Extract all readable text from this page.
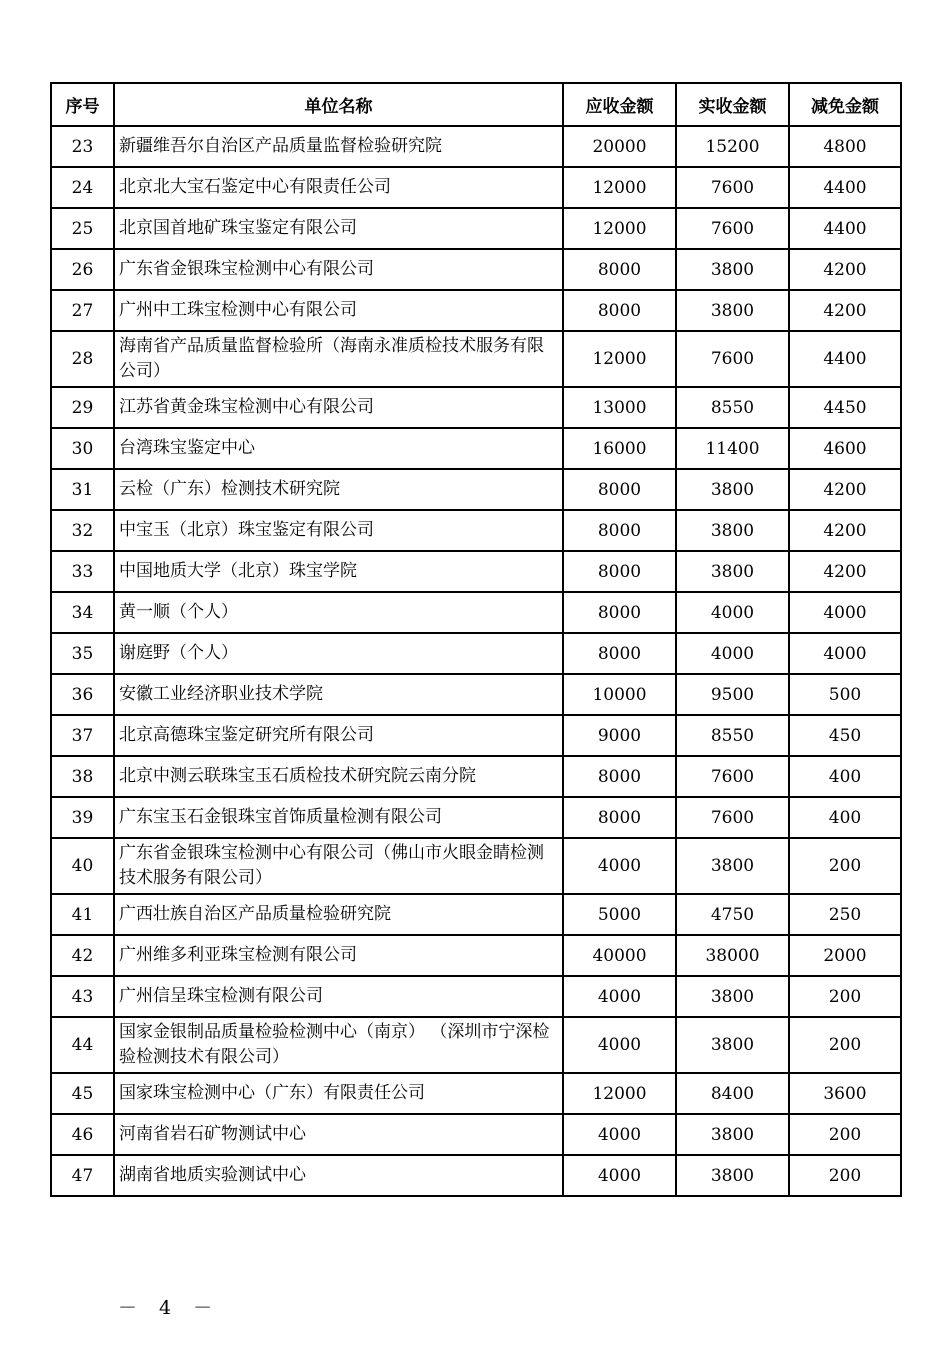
序号	单位名称	应收金额	实收金额	减免金额
23	新疆维吾尔自治区产品质量监督检验研究院	20000	15200	4800
24	北京北大宝石鉴定中心有限责任公司	12000	7600	4400
25	北京国首地矿珠宝鉴定有限公司	12000	7600	4400
26	广东省金银珠宝检测中心有限公司	8000	3800	4200
27	广州中工珠宝检测中心有限公司	8000	3800	4200
28	海南省产品质量监督检验所（海南永准质检技术服务有限公司）	12000	7600	4400
29	江苏省黄金珠宝检测中心有限公司	13000	8550	4450
30	台湾珠宝鉴定中心	16000	11400	4600
31	云检（广东）检测技术研究院	8000	3800	4200
32	中宝玉（北京）珠宝鉴定有限公司	8000	3800	4200
33	中国地质大学（北京）珠宝学院	8000	3800	4200
34	黄一顺（个人）	8000	4000	4000
35	谢庭野（个人）	8000	4000	4000
36	安徽工业经济职业技术学院	10000	9500	500
37	北京高德珠宝鉴定研究所有限公司	9000	8550	450
38	北京中测云联珠宝玉石质检技术研究院云南分院	8000	7600	400
39	广东宝玉石金银珠宝首饰质量检测有限公司	8000	7600	400
40	广东省金银珠宝检测中心有限公司（佛山市火眼金睛检测技术服务有限公司）	4000	3800	200
41	广西壮族自治区产品质量检验研究院	5000	4750	250
42	广州维多利亚珠宝检测有限公司	40000	38000	2000
43	广州信呈珠宝检测有限公司	4000	3800	200
44	国家金银制品质量检验检测中心（南京） （深圳市宁深检验检测技术有限公司）	4000	3800	200
45	国家珠宝检测中心（广东）有限责任公司	12000	8400	3600
46	河南省岩石矿物测试中心	4000	3800	200
47	湖南省地质实验测试中心	4000	3800	200
－ 4 －
